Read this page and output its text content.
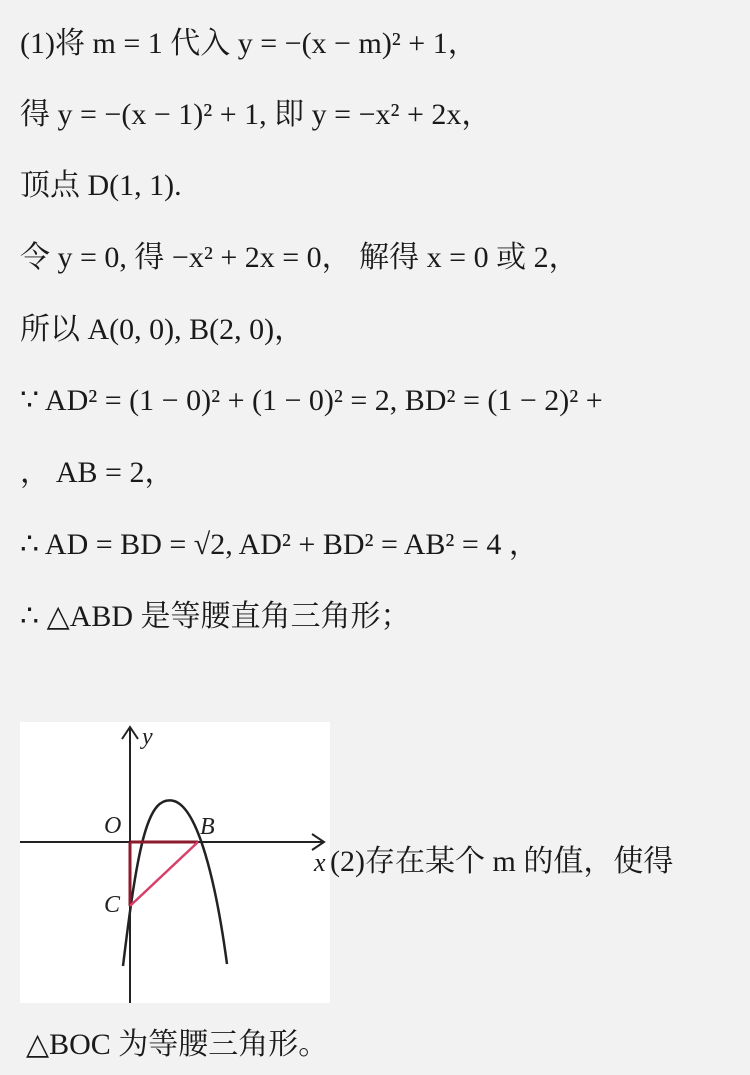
(1)将 m = 1 代入 y = −(x − m)² + 1，
得 y = −(x − 1)² + 1, 即 y = −x² + 2x，
顶点 D(1, 1).
令 y = 0, 得 −x² + 2x = 0， 解得 x = 0 或 2，
所以 A(0, 0), B(2, 0)，
∵ AD² = (1 − 0)² + (1 − 0)² = 2, BD² = (1 − 2)² +
， AB = 2，
∴ AD = BD = √2, AD² + BD² = AB² = 4 ，
∴ △ABD 是等腰直角三角形；
y
O	B
C
x (2)存在某个 m 的值，使得
△BOC 为等腰三角形。
